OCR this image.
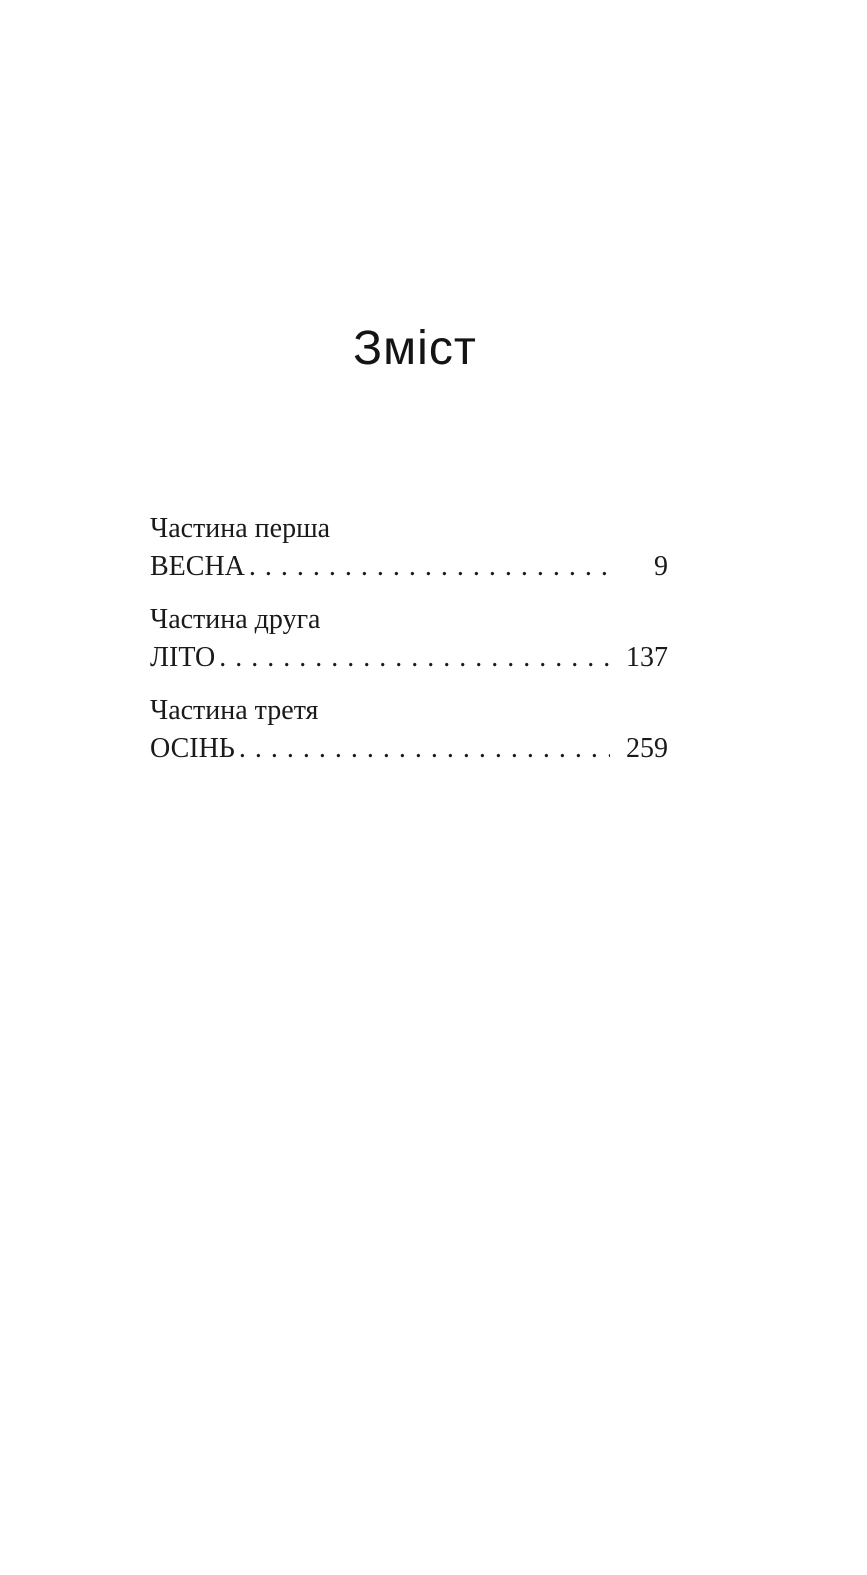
Зміст
Частина перша
ВЕСНА .....	9
Частина друга
ЛІТО .....	137
Частина третя
ОСІНЬ .....	259
